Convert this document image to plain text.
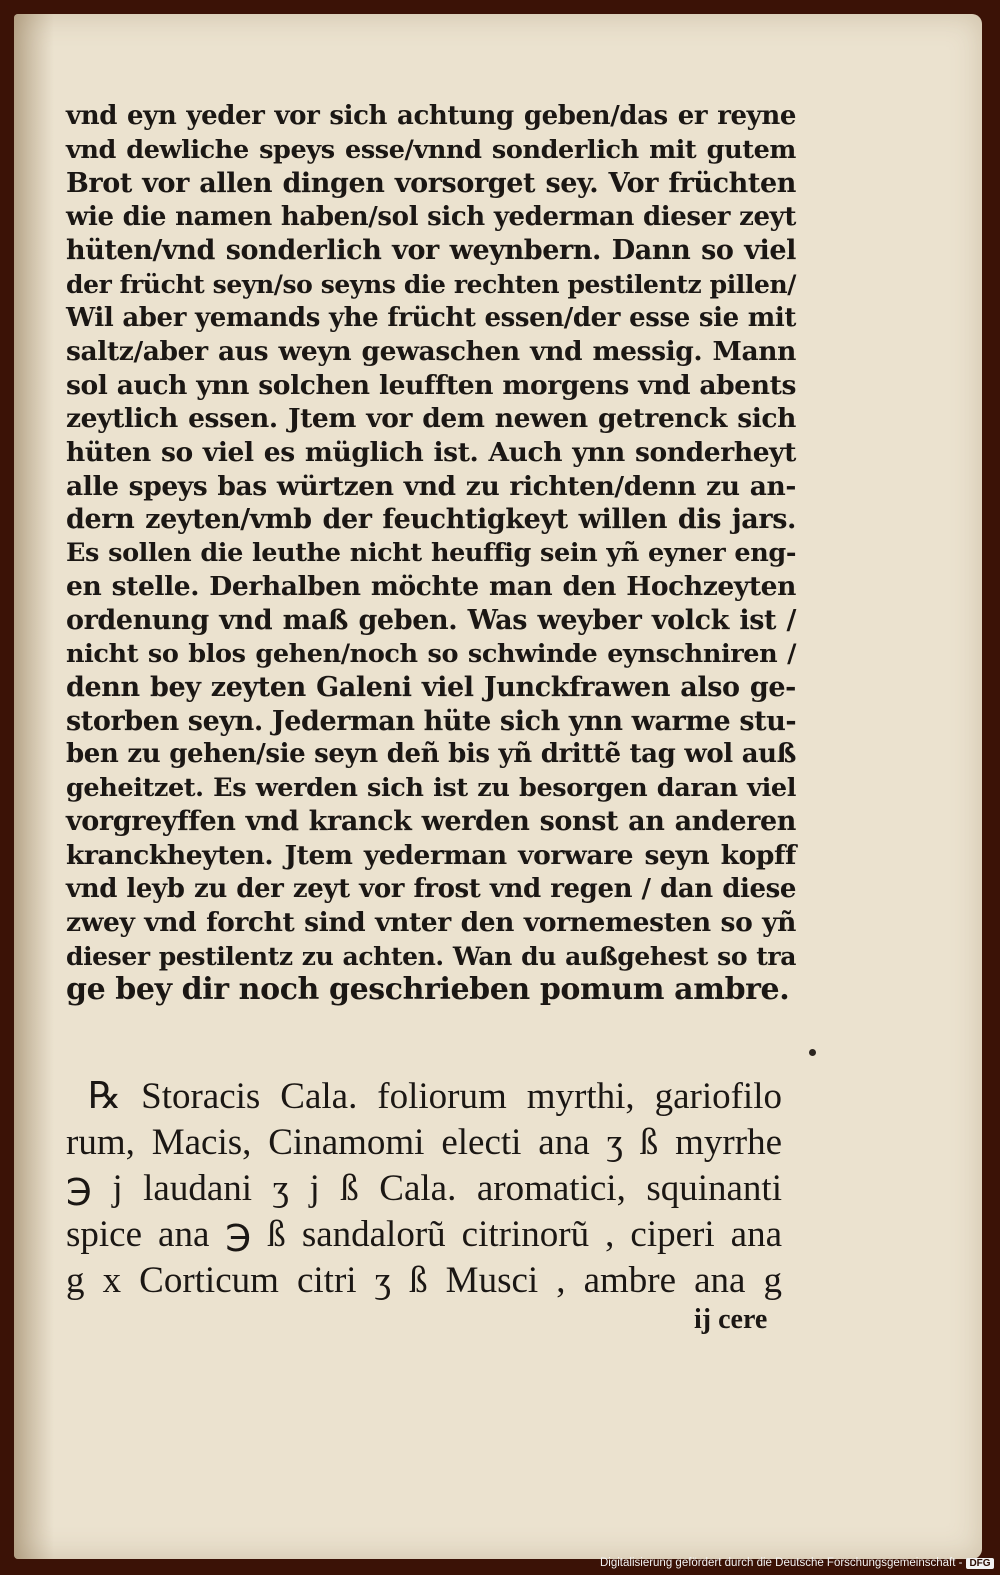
vnd eyn yeder vor sich achtung geben/das er reyne
vnd dewliche speys esse/vnnd sonderlich mit gutem
Brot vor allen dingen vorsorget sey. Vor früchten
wie die namen haben/sol sich yederman dieser zeyt
hüten/vnd sonderlich vor weynbern. Dann so viel
der frücht seyn/so seyns die rechten pestilentz pillen/
Wil aber yemands yhe frücht essen/der esse sie mit
saltz/aber aus weyn gewaschen vnd messig. Mann
sol auch ynn solchen leufften morgens vnd abents
zeytlich essen. Jtem vor dem newen getrenck sich
hüten so viel es müglich ist. Auch ynn sonderheyt
alle speys bas würtzen vnd zu richten/denn zu an-
dern zeyten/vmb der feuchtigkeyt willen dis jars.
Es sollen die leuthe nicht heuffig sein yñ eyner eng-
en stelle. Derhalben möchte man den Hochzeyten
ordenung vnd maß geben. Was weyber volck ist /
nicht so blos gehen/noch so schwinde eynschniren /
denn bey zeyten Galeni viel Junckfrawen also ge-
storben seyn. Jederman hüte sich ynn warme stu-
ben zu gehen/sie seyn deñ bis yñ drittẽ tag wol auß
geheitzet. Es werden sich ist zu besorgen daran viel
vorgreyffen vnd kranck werden sonst an anderen
kranckheyten. Jtem yederman vorware seyn kopff
vnd leyb zu der zeyt vor frost vnd regen / dan diese
zwey vnd forcht sind vnter den vornemesten so yñ
dieser pestilentz zu achten. Wan du außgehest so tra
ge bey dir noch geschrieben pomum ambre.
℞ Storacis Cala. foliorum myrthi, gariofilo
rum, Macis, Cinamomi electi ana ʒ ß myrrhe
℈ j laudani ʒ j ß Cala. aromatici, squinanti
spice ana ℈ ß sandalorũ citrinorũ , ciperi ana
g x Corticum citri ʒ ß Musci , ambre ana g
ij cere
Digitalisierung gefördert durch die Deutsche Forschungsgemeinschaft - DFG
